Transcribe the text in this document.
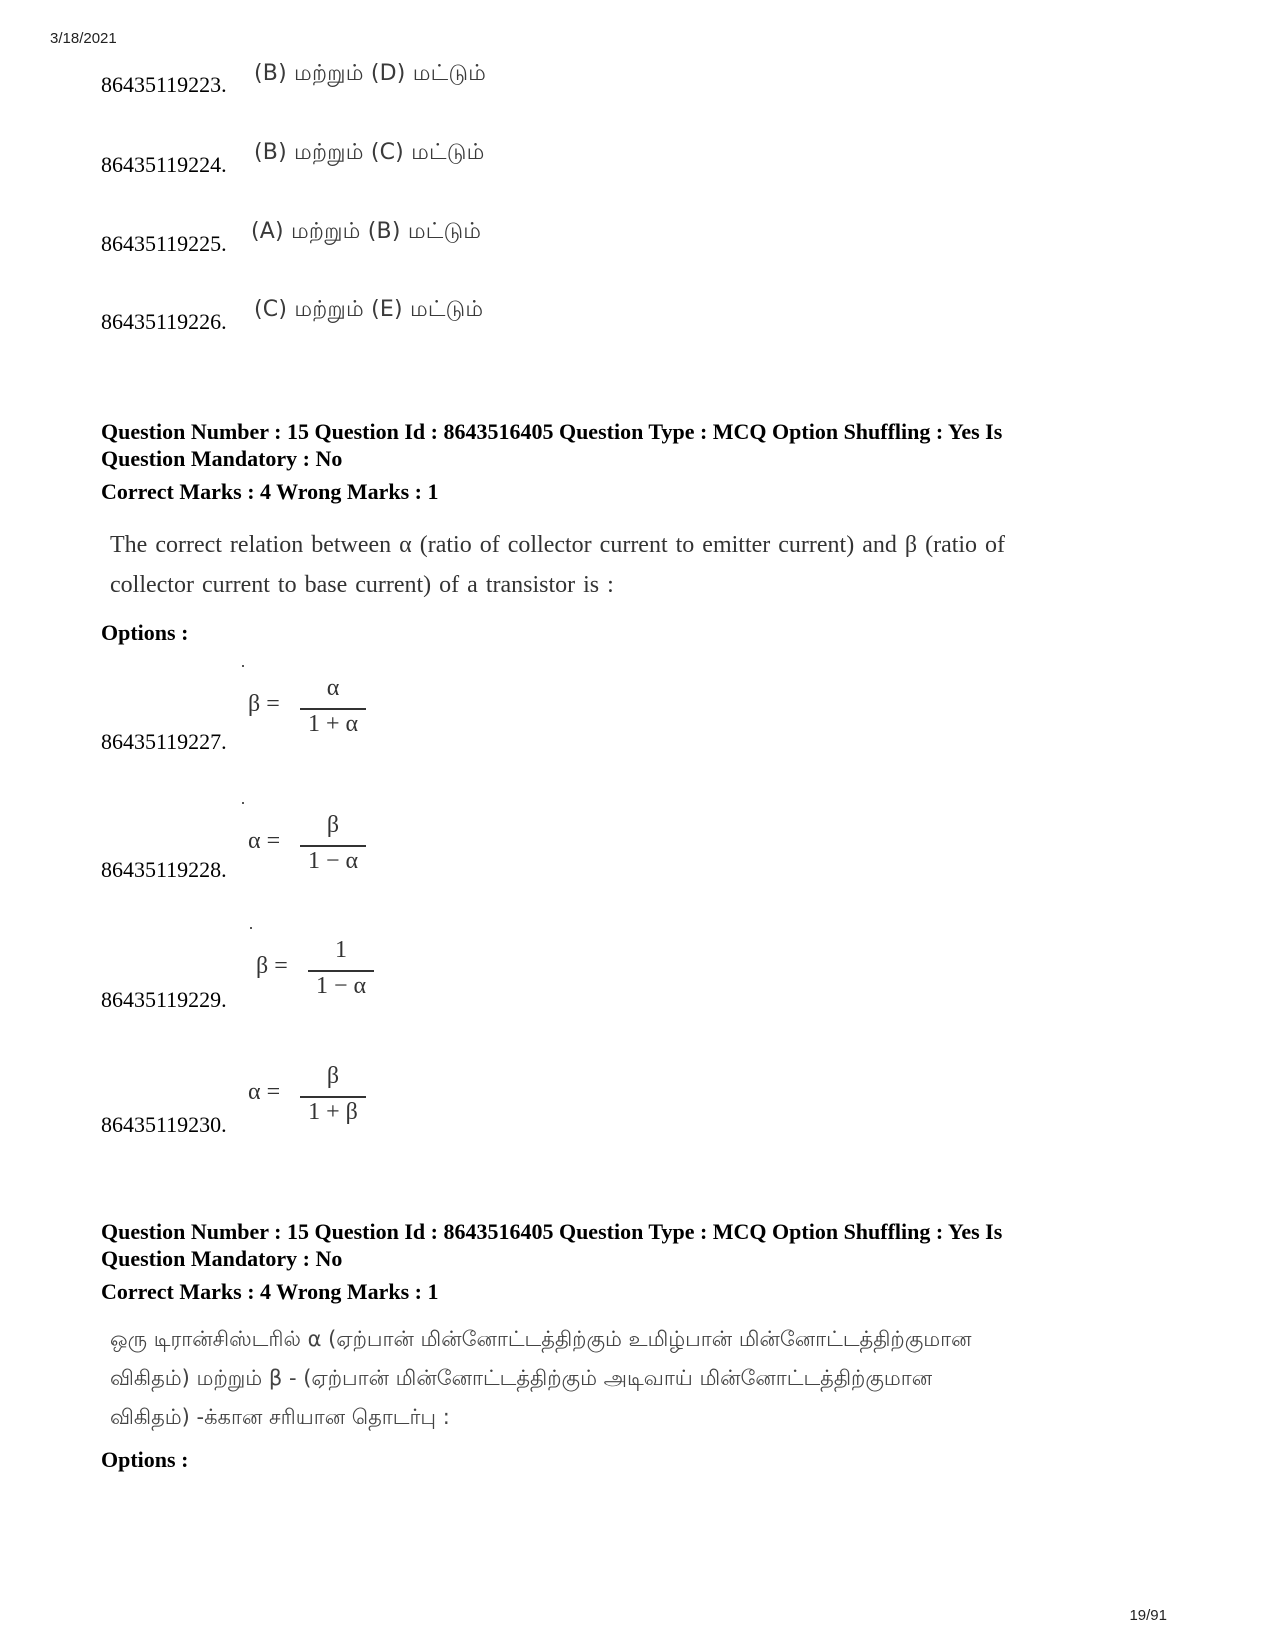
3/18/2021
86435119223. (B) மற்றும் (D) மட்டும்
86435119224. (B) மற்றும் (C) மட்டும்
86435119225. (A) மற்றும் (B) மட்டும்
86435119226. (C) மற்றும் (E) மட்டும்
Question Number : 15 Question Id : 8643516405 Question Type : MCQ Option Shuffling : Yes Is
Question Mandatory : No
Correct Marks : 4 Wrong Marks : 1
The correct relation between α (ratio of collector current to emitter current) and β (ratio of
collector current to base current) of a transistor is :
Options :
β =
α
1 + α
86435119227.
α =
β
1 − α
86435119228.
β =
1
1 − α
86435119229.
α =
β
1 + β
86435119230.
Question Number : 15 Question Id : 8643516405 Question Type : MCQ Option Shuffling : Yes Is
Question Mandatory : No
Correct Marks : 4 Wrong Marks : 1
ஒரு டிரான்சிஸ்டரில் α (ஏற்பான் மின்னோட்டத்திற்கும் உமிழ்பான் மின்னோட்டத்திற்குமான
விகிதம்) மற்றும் β - (ஏற்பான் மின்னோட்டத்திற்கும் அடிவாய் மின்னோட்டத்திற்குமான
விகிதம்) -க்கான சரியான தொடர்பு :
Options :
19/91
